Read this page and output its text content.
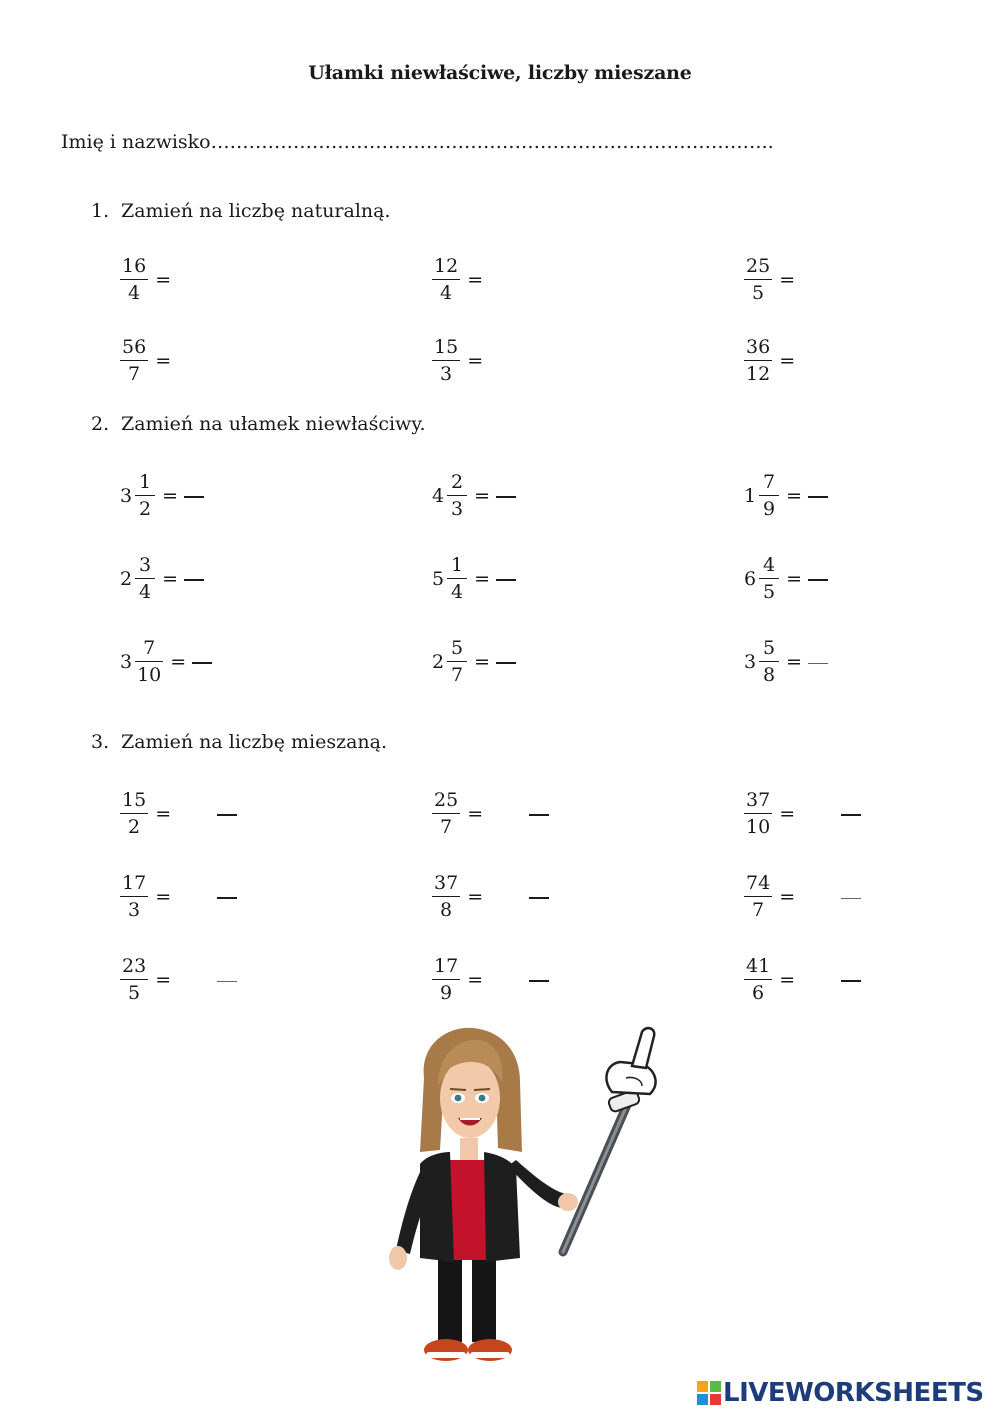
Ułamki niewłaściwe, liczby mieszane
Imię i nazwisko……………………………………………………………………………..
1. Zamień na liczbę naturalną.
$\frac{16}{4}$ =	$\frac{12}{4}$ =	$\frac{25}{5}$ =
$\frac{56}{7}$ =	$\frac{15}{3}$ =	$\frac{36}{12}$ =
2. Zamień na ułamek niewłaściwy.
$3 \frac{1}{2}$ =	$4 \frac{2}{3}$ =	$1 \frac{7}{9}$ =
$2 \frac{3}{4}$ =	$5 \frac{1}{4}$ =	$6 \frac{4}{5}$ =
$3 \frac{7}{10}$ =	$2 \frac{5}{7}$ =	$3 \frac{5}{8}$ =
3. Zamień na liczbę mieszaną.
$\frac{15}{2}$ =	$\frac{25}{7}$ =	$\frac{37}{10}$ =
$\frac{17}{3}$ =	$\frac{37}{8}$ =	$\frac{74}{7}$ =
$\frac{23}{5}$ =	$\frac{17}{9}$ =	$\frac{41}{6}$ =
LIVEWORKSHEETS
